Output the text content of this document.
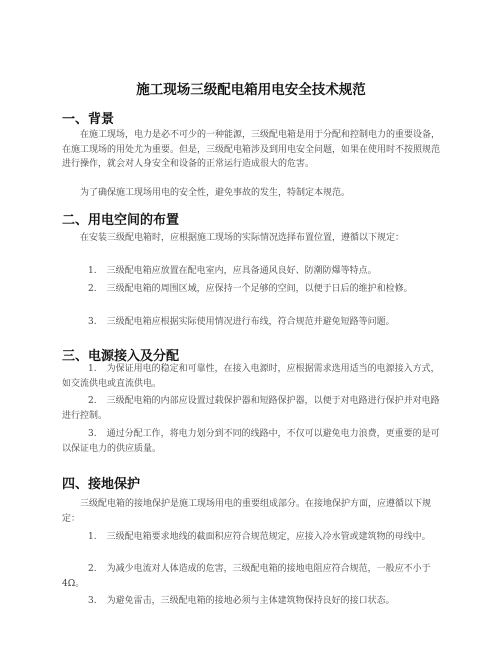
施工现场三级配电箱用电安全技术规范
一、背景
在施工现场，电力是必不可少的一种能源，三级配电箱是用于分配和控制电力的重要设备，在施工现场的用处尤为重要。但是，三级配电箱涉及到用电安全问题，如果在使用时不按照规范进行操作，就会对人身安全和设备的正常运行造成很大的危害。
为了确保施工现场用电的安全性，避免事故的发生，特制定本规范。
二、用电空间的布置
在安装三级配电箱时，应根据施工现场的实际情况选择布置位置，遵循以下规定：
1. 三级配电箱应放置在配电室内，应具备通风良好、防潮防爆等特点。
2. 三级配电箱的周围区域，应保持一个足够的空间，以便于日后的维护和检修。
3. 三级配电箱应根据实际使用情况进行布线，符合规范并避免短路等问题。
三、电源接入及分配
1. 为保证用电的稳定和可靠性，在接入电源时，应根据需求选用适当的电源接入方式，如交流供电或直流供电。
2. 三级配电箱的内部应设置过载保护器和短路保护器，以便于对电路进行保护并对电路进行控制。
3. 通过分配工作，将电力划分到不同的线路中，不仅可以避免电力浪费，更重要的是可以保证电力的供应质量。
四、接地保护
三级配电箱的接地保护是施工现场用电的重要组成部分。在接地保护方面，应遵循以下规定：
1. 三级配电箱要求地线的截面积应符合规范规定，应接入冷水管或建筑物的母线中。
2. 为减少电流对人体造成的危害，三级配电箱的接地电阻应符合规范，一般应不小于4Ω。
3. 为避免雷击，三级配电箱的接地必须与主体建筑物保持良好的接口状态。
